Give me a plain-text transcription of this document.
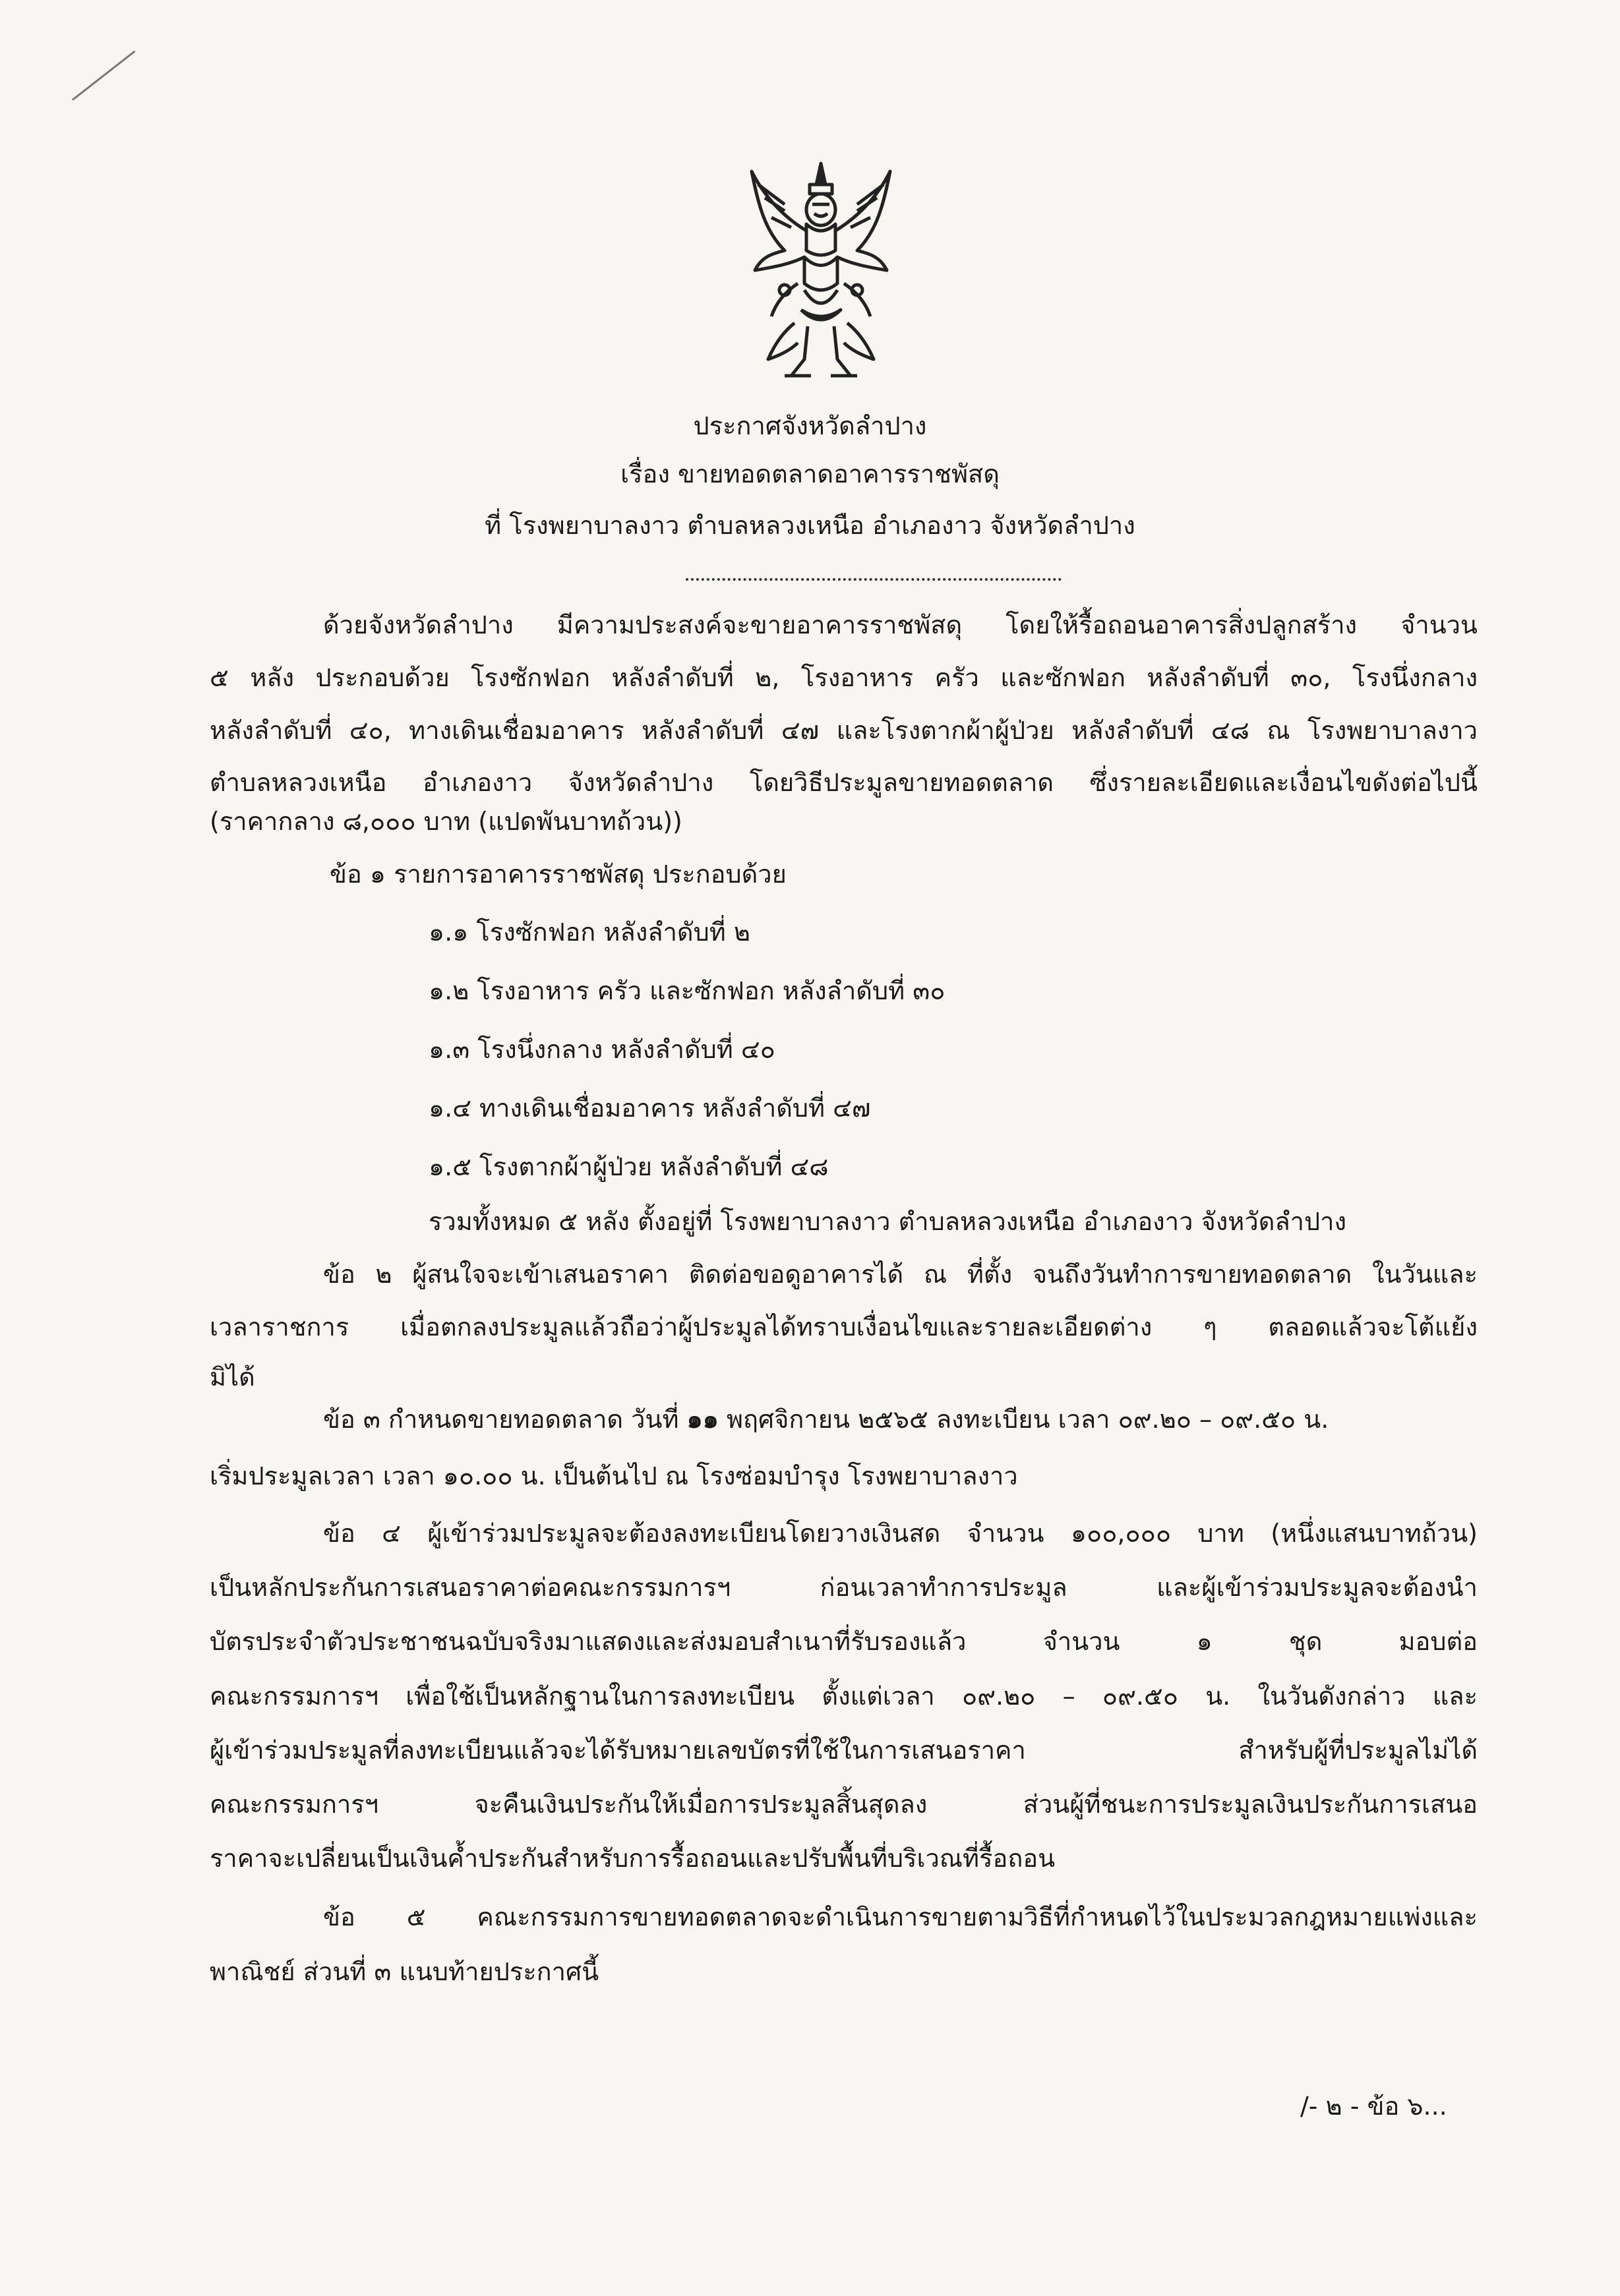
ประกาศจังหวัดลำปาง
เรื่อง ขายทอดตลาดอาคารราชพัสดุ
ที่ โรงพยาบาลงาว ตำบลหลวงเหนือ อำเภองาว จังหวัดลำปาง
ด้วยจังหวัดลำปาง มีความประสงค์จะขายอาคารราชพัสดุ โดยให้รื้อถอนอาคารสิ่งปลูกสร้าง จำนวน
๕ หลัง ประกอบด้วย โรงซักฟอก หลังลำดับที่ ๒, โรงอาหาร ครัว และซักฟอก หลังลำดับที่ ๓๐, โรงนึ่งกลาง
หลังลำดับที่ ๔๐, ทางเดินเชื่อมอาคาร หลังลำดับที่ ๔๗ และโรงตากผ้าผู้ป่วย หลังลำดับที่ ๔๘ ณ โรงพยาบาลงาว
ตำบลหลวงเหนือ อำเภองาว จังหวัดลำปาง โดยวิธีประมูลขายทอดตลาด ซึ่งรายละเอียดและเงื่อนไขดังต่อไปนี้
(ราคากลาง ๘,๐๐๐ บาท (แปดพันบาทถ้วน))
ข้อ ๑ รายการอาคารราชพัสดุ ประกอบด้วย
๑.๑ โรงซักฟอก หลังลำดับที่ ๒
๑.๒ โรงอาหาร ครัว และซักฟอก หลังลำดับที่ ๓๐
๑.๓ โรงนึ่งกลาง หลังลำดับที่ ๔๐
๑.๔ ทางเดินเชื่อมอาคาร หลังลำดับที่ ๔๗
๑.๕ โรงตากผ้าผู้ป่วย หลังลำดับที่ ๔๘
รวมทั้งหมด ๕ หลัง ตั้งอยู่ที่ โรงพยาบาลงาว ตำบลหลวงเหนือ อำเภองาว จังหวัดลำปาง
ข้อ ๒ ผู้สนใจจะเข้าเสนอราคา ติดต่อขอดูอาคารได้ ณ ที่ตั้ง จนถึงวันทำการขายทอดตลาด ในวันและ
เวลาราชการ เมื่อตกลงประมูลแล้วถือว่าผู้ประมูลได้ทราบเงื่อนไขและรายละเอียดต่าง ๆ ตลอดแล้วจะโต้แย้ง
มิได้
ข้อ ๓ กำหนดขายทอดตลาด วันที่ ๑๑ พฤศจิกายน ๒๕๖๕ ลงทะเบียน เวลา ๐๙.๒๐ – ๐๙.๕๐ น.
เริ่มประมูลเวลา เวลา ๑๐.๐๐ น. เป็นต้นไป ณ โรงซ่อมบำรุง โรงพยาบาลงาว
ข้อ ๔ ผู้เข้าร่วมประมูลจะต้องลงทะเบียนโดยวางเงินสด จำนวน ๑๐๐,๐๐๐ บาท (หนึ่งแสนบาทถ้วน)
เป็นหลักประกันการเสนอราคาต่อคณะกรรมการฯ ก่อนเวลาทำการประมูล และผู้เข้าร่วมประมูลจะต้องนำ
บัตรประจำตัวประชาชนฉบับจริงมาแสดงและส่งมอบสำเนาที่รับรองแล้ว จำนวน ๑ ชุด มอบต่อ
คณะกรรมการฯ เพื่อใช้เป็นหลักฐานในการลงทะเบียน ตั้งแต่เวลา ๐๙.๒๐ – ๐๙.๕๐ น. ในวันดังกล่าว และ
ผู้เข้าร่วมประมูลที่ลงทะเบียนแล้วจะได้รับหมายเลขบัตรที่ใช้ในการเสนอราคา สำหรับผู้ที่ประมูลไม่ได้
คณะกรรมการฯ จะคืนเงินประกันให้เมื่อการประมูลสิ้นสุดลง ส่วนผู้ที่ชนะการประมูลเงินประกันการเสนอ
ราคาจะเปลี่ยนเป็นเงินค้ำประกันสำหรับการรื้อถอนและปรับพื้นที่บริเวณที่รื้อถอน
ข้อ ๕ คณะกรรมการขายทอดตลาดจะดำเนินการขายตามวิธีที่กำหนดไว้ในประมวลกฎหมายแพ่งและ
พาณิชย์ ส่วนที่ ๓ แนบท้ายประกาศนี้
/- ๒ - ข้อ ๖...
